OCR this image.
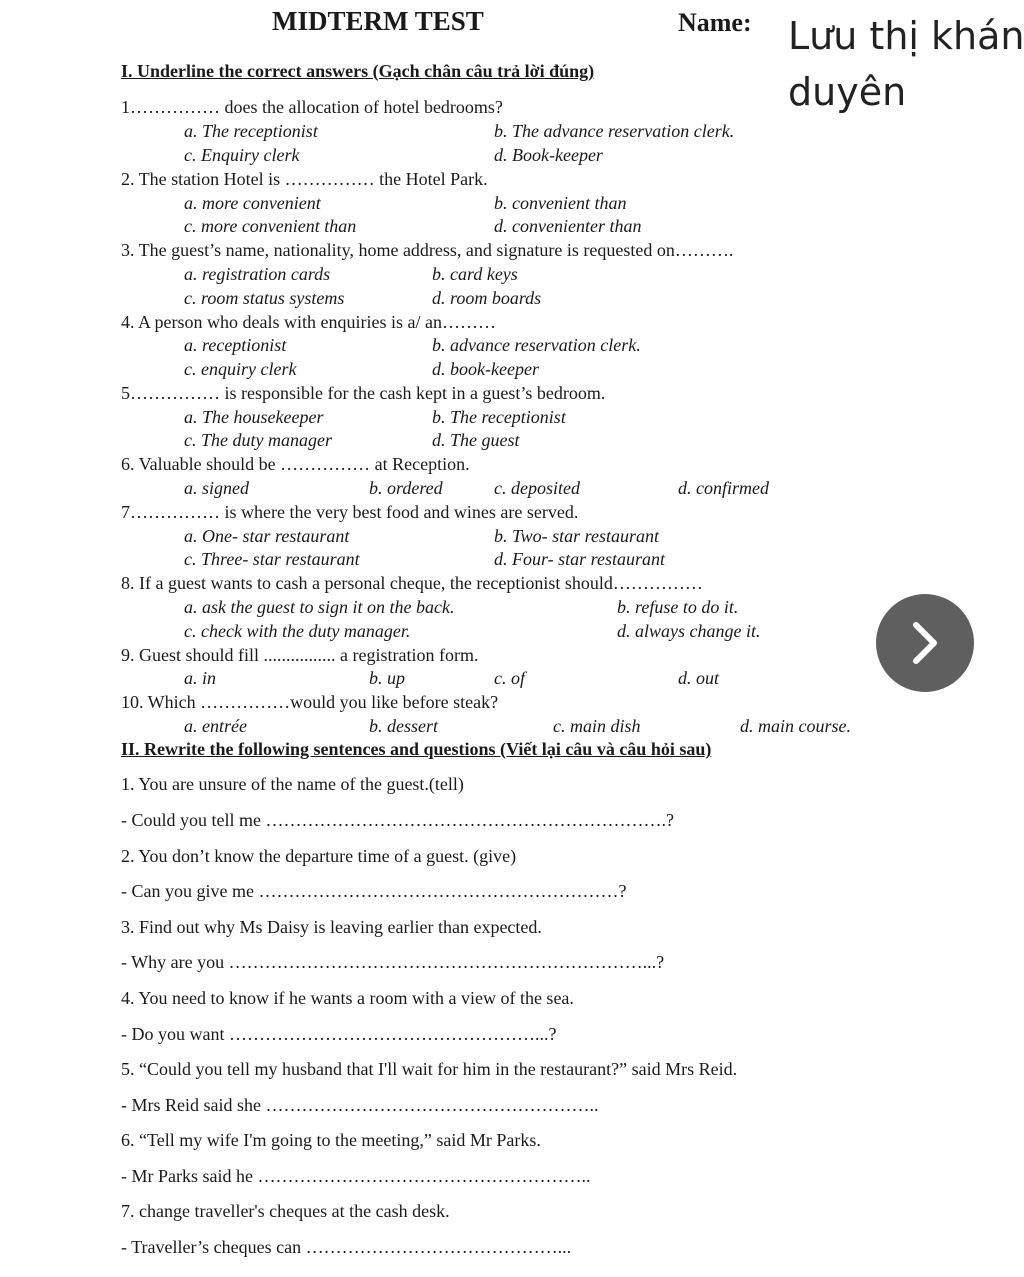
MIDTERM TEST	Name: Lưu thị khán
duyên
I. Underline the correct answers (Gạch chân câu trả lời đúng)
1…………… does the allocation of hotel bedrooms?
a. The receptionist	b. The advance reservation clerk.
c. Enquiry clerk	d. Book-keeper
2. The station Hotel is …………… the Hotel Park.
a. more convenient	b. convenient than
c. more convenient than	d. convenienter than
3. The guest’s name, nationality, home address, and signature is requested on……….
a. registration cards	b. card keys
c. room status systems	d. room boards
4. A person who deals with enquiries is a/ an………
a. receptionist	b. advance reservation clerk.
c. enquiry clerk	d. book-keeper
5…………… is responsible for the cash kept in a guest’s bedroom.
a. The housekeeper	b. The receptionist
c. The duty manager	d. The guest
6. Valuable should be …………… at Reception.
a. signed	b. ordered	c. deposited	d. confirmed
7…………… is where the very best food and wines are served.
a. One- star restaurant	b. Two- star restaurant
c. Three- star restaurant	d. Four- star restaurant
8. If a guest wants to cash a personal cheque, the receptionist should……………
a. ask the guest to sign it on the back.	b. refuse to do it.
c. check with the duty manager.	d. always change it.
9. Guest should fill ................ a registration form.
a. in	b. up	c. of	d. out
10. Which ……………would you like before steak?
a. entrée	b. dessert	c. main dish	d. main course.
II. Rewrite the following sentences and questions (Viết lại câu và câu hỏi sau)
1. You are unsure of the name of the guest.(tell)
- Could you tell me ………………………………………………………….?
2. You don’t know the departure time of a guest. (give)
- Can you give me ……………………………………………………?
3. Find out why Ms Daisy is leaving earlier than expected.
- Why are you ……………………………………………………………...?
4. You need to know if he wants a room with a view of the sea.
- Do you want ……………………………………………...?
5. “Could you tell my husband that I'll wait for him in the restaurant?” said Mrs Reid.
- Mrs Reid said she ………………………………………………..
6. “Tell my wife I'm going to the meeting,” said Mr Parks.
- Mr Parks said he ………………………………………………..
7. change traveller's cheques at the cash desk.
- Traveller’s cheques can ……………………………………...
